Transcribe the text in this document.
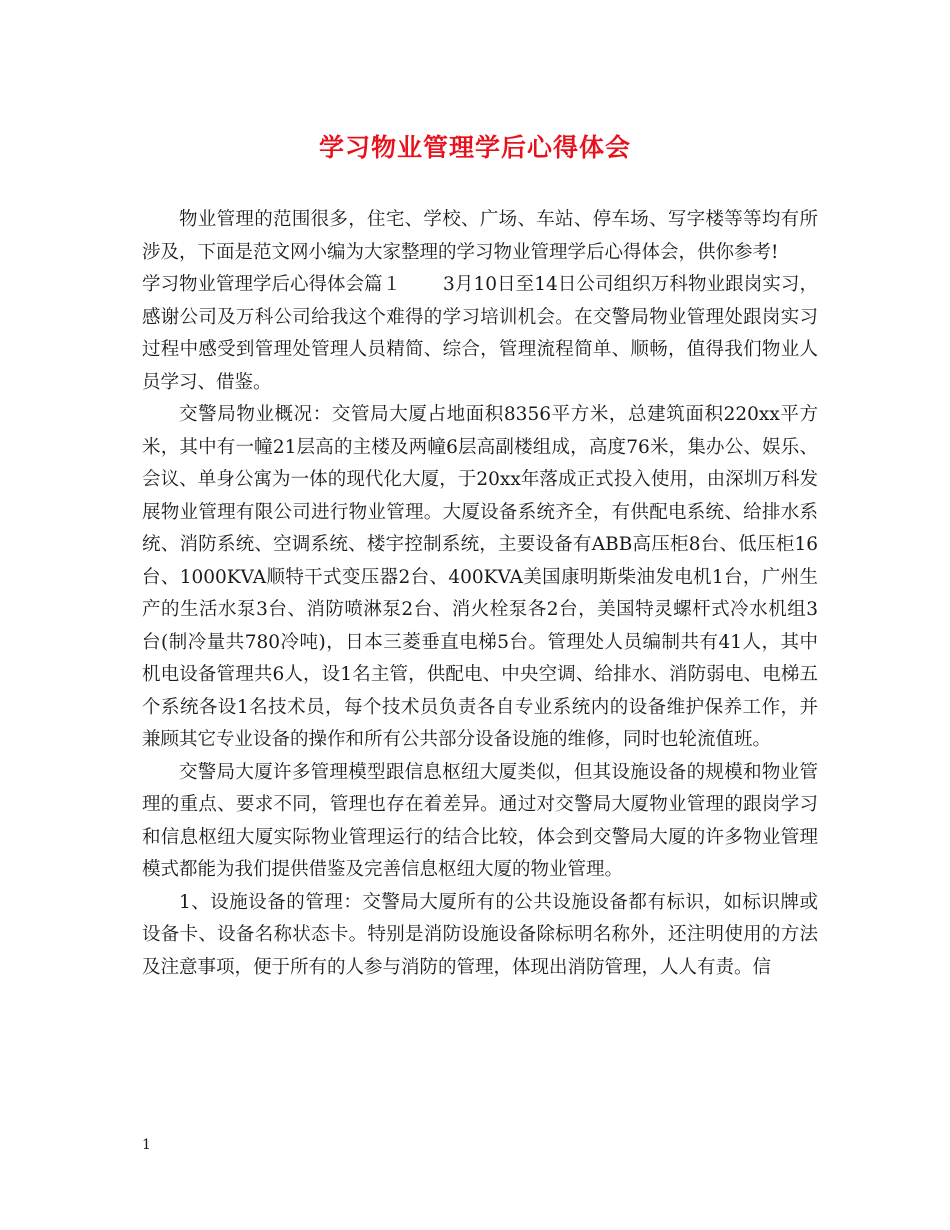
学习物业管理学后心得体会

物业管理的范围很多，住宅、学校、广场、车站、停车场、写字楼等等均有所涉及，下面是范文网小编为大家整理的学习物业管理学后心得体会，供你参考!

学习物业管理学后心得体会篇１ 3月10日至14日公司组织万科物业跟岗实习，感谢公司及万科公司给我这个难得的学习培训机会。在交警局物业管理处跟岗实习过程中感受到管理处管理人员精简、综合，管理流程简单、顺畅，值得我们物业人员学习、借鉴。

交警局物业概况：交管局大厦占地面积8356平方米，总建筑面积220xx平方米，其中有一幢21层高的主楼及两幢6层高副楼组成，高度76米，集办公、娱乐、会议、单身公寓为一体的现代化大厦，于20xx年落成正式投入使用，由深圳万科发展物业管理有限公司进行物业管理。大厦设备系统齐全，有供配电系统、给排水系统、消防系统、空调系统、楼宇控制系统，主要设备有ABB高压柜8台、低压柜16台、1000KVA顺特干式变压器2台、400KVA美国康明斯柴油发电机1台，广州生产的生活水泵3台、消防喷淋泵2台、消火栓泵各2台，美国特灵螺杆式冷水机组3台(制冷量共780冷吨)，日本三菱垂直电梯5台。管理处人员编制共有41人，其中机电设备管理共6人，设1名主管，供配电、中央空调、给排水、消防弱电、电梯五个系统各设1名技术员，每个技术员负责各自专业系统内的设备维护保养工作，并兼顾其它专业设备的操作和所有公共部分设备设施的维修，同时也轮流值班。

交警局大厦许多管理模型跟信息枢纽大厦类似，但其设施设备的规模和物业管理的重点、要求不同，管理也存在着差异。通过对交警局大厦物业管理的跟岗学习和信息枢纽大厦实际物业管理运行的结合比较，体会到交警局大厦的许多物业管理模式都能为我们提供借鉴及完善信息枢纽大厦的物业管理。

1、设施设备的管理：交警局大厦所有的公共设施设备都有标识，如标识牌或设备卡、设备名称状态卡。特别是消防设施设备除标明名称外，还注明使用的方法及注意事项，便于所有的人参与消防的管理，体现出消防管理，人人有责。信

1
